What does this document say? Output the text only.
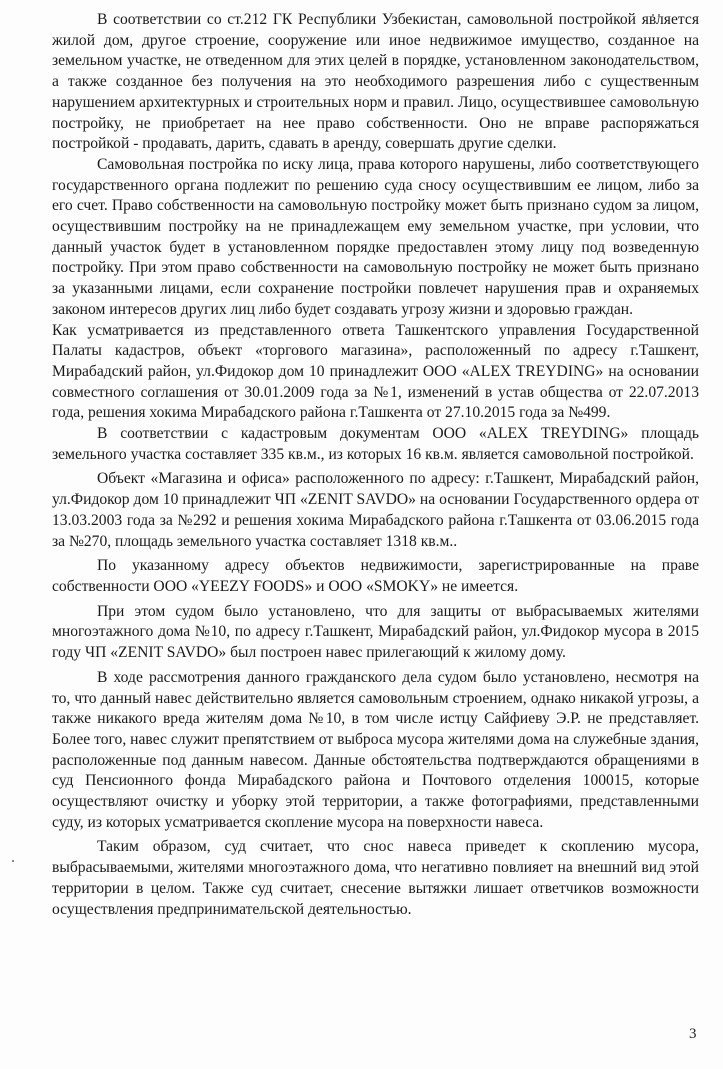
В соответствии со ст.212 ГК Республики Узбекистан, самовольной постройкой является жилой дом, другое строение, сооружение или иное недвижимое имущество, созданное на земельном участке, не отведенном для этих целей в порядке, установленном законодательством, а также созданное без получения на это необходимого разрешения либо с существенным нарушением архитектурных и строительных норм и правил. Лицо, осуществившее самовольную постройку, не приобретает на нее право собственности. Оно не вправе распоряжаться постройкой - продавать, дарить, сдавать в аренду, совершать другие сделки.

Самовольная постройка по иску лица, права которого нарушены, либо соответствующего государственного органа подлежит по решению суда сносу осуществившим ее лицом, либо за его счет. Право собственности на самовольную постройку может быть признано судом за лицом, осуществившим постройку на не принадлежащем ему земельном участке, при условии, что данный участок будет в установленном порядке предоставлен этому лицу под возведенную постройку. При этом право собственности на самовольную постройку не может быть признано за указанными лицами, если сохранение постройки повлечет нарушения прав и охраняемых законом интересов других лиц либо будет создавать угрозу жизни и здоровью граждан.

Как усматривается из представленного ответа Ташкентского управления Государственной Палаты кадастров, объект «торгового магазина», расположенный по адресу г.Ташкент, Мирабадский район, ул.Фидокор дом 10 принадлежит ООО «ALEX TREYDING» на основании совместного соглашения от 30.01.2009 года за №1, изменений в устав общества от 22.07.2013 года, решения хокима Мирабадского района г.Ташкента от 27.10.2015 года за №499.

В соответствии с кадастровым документам ООО «ALEX TREYDING» площадь земельного участка составляет 335 кв.м., из которых 16 кв.м. является самовольной постройкой.

Объект «Магазина и офиса» расположенного по адресу: г.Ташкент, Мирабадский район, ул.Фидокор дом 10 принадлежит ЧП «ZENIT SAVDO» на основании Государственного ордера от 13.03.2003 года за №292 и решения хокима Мирабадского района г.Ташкента от 03.06.2015 года за №270, площадь земельного участка составляет 1318 кв.м..

По указанному адресу объектов недвижимости, зарегистрированные на праве собственности ООО «YEEZY FOODS» и ООО «SMOKY» не имеется.

При этом судом было установлено, что для защиты от выбрасываемых жителями многоэтажного дома №10, по адресу г.Ташкент, Мирабадский район, ул.Фидокор мусора в 2015 году ЧП «ZENIT SAVDO» был построен навес прилегающий к жилому дому.

В ходе рассмотрения данного гражданского дела судом было установлено, несмотря на то, что данный навес действительно является самовольным строением, однако никакой угрозы, а также никакого вреда жителям дома №10, в том числе истцу Сайфиеву Э.Р. не представляет. Более того, навес служит препятствием от выброса мусора жителями дома на служебные здания, расположенные под данным навесом. Данные обстоятельства подтверждаются обращениями в суд Пенсионного фонда Мирабадского района и Почтового отделения 100015, которые осуществляют очистку и уборку этой территории, а также фотографиями, представленными суду, из которых усматривается скопление мусора на поверхности навеса.

Таким образом, суд считает, что снос навеса приведет к скоплению мусора, выбрасываемыми, жителями многоэтажного дома, что негативно повлияет на внешний вид этой территории в целом. Также суд считает, снесение вытяжки лишает ответчиков возможности осуществления предпринимательской деятельностью.

3
